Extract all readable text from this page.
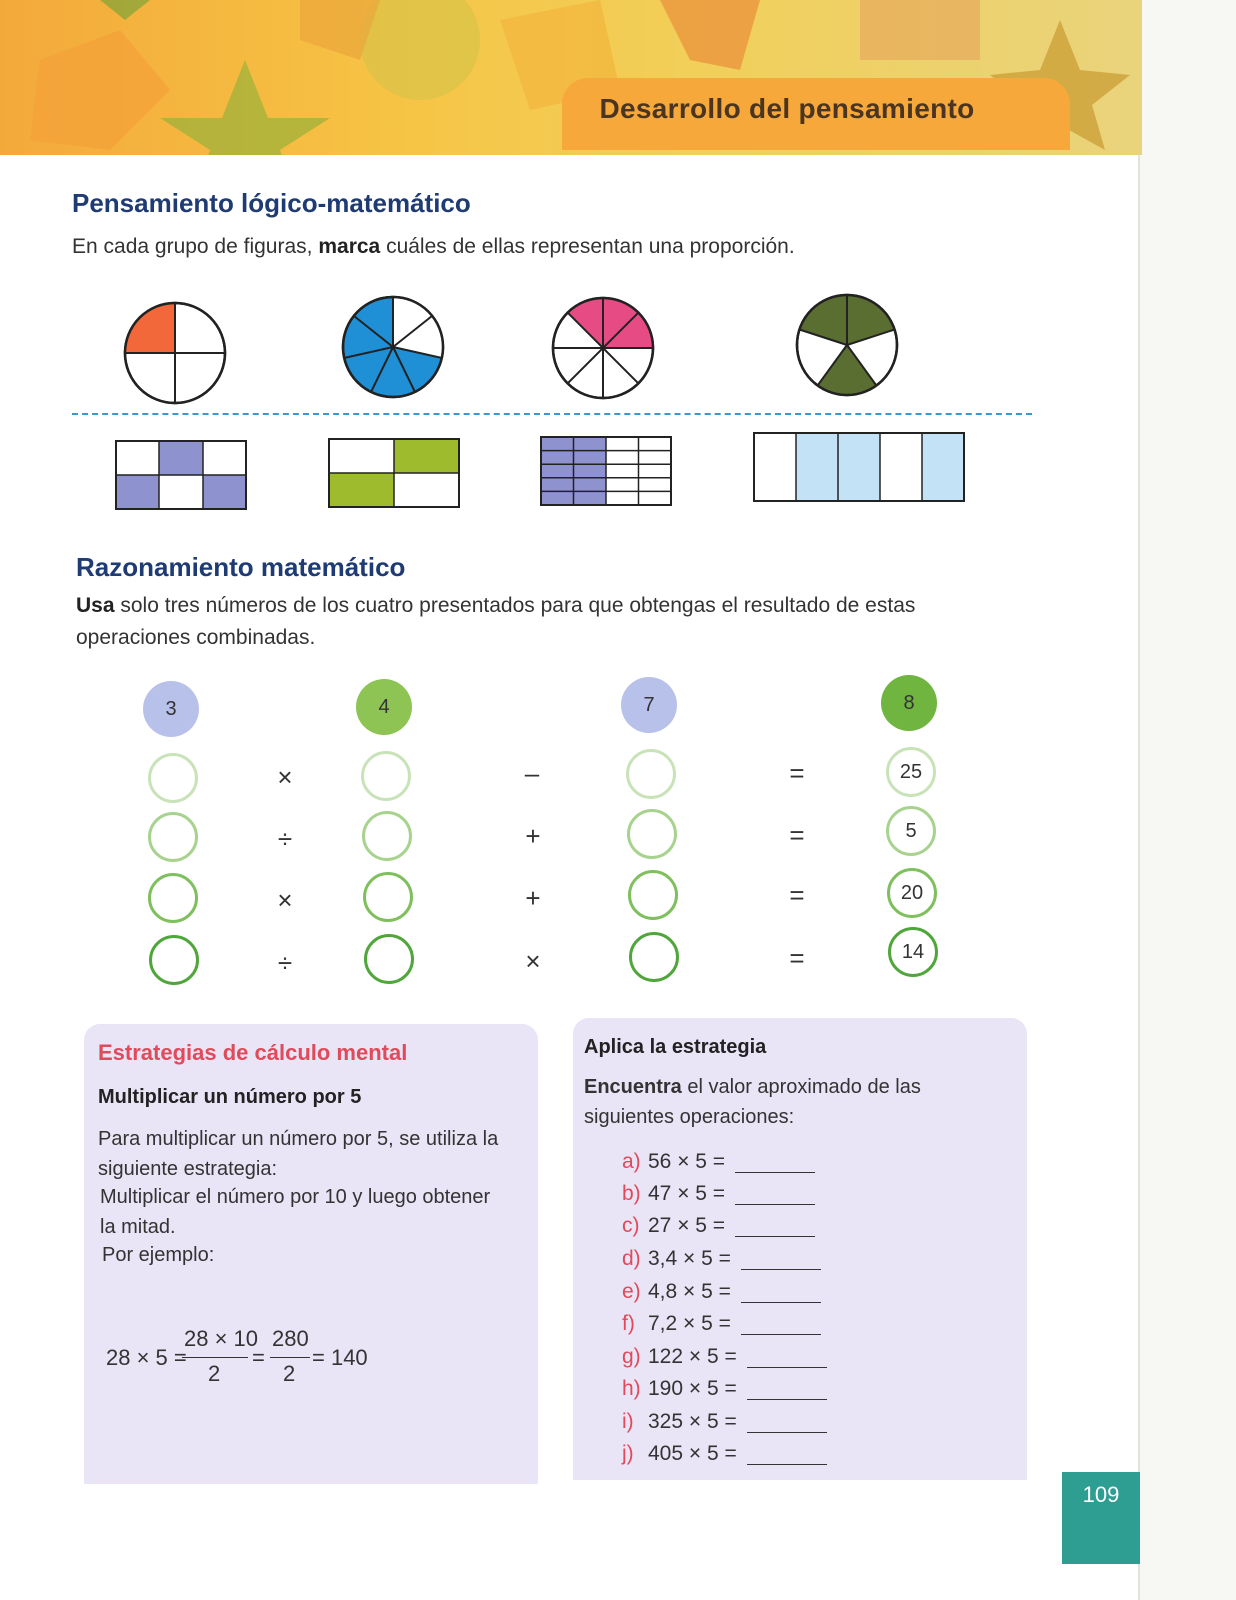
Desarrollo del pensamiento
Pensamiento lógico-matemático

En cada grupo de figuras, marca cuáles de ellas representan una proporción.

Razonamiento matemático

Usa solo tres números de los cuatro presentados para que obtengas el resultado de estas operaciones combinadas.

3	4	7	8
×	–	=	25
÷	+	=	5
×	+	=	20
÷	×	=	14
Estrategias de cálculo mental
Multiplicar un número por 5

Para multiplicar un número por 5, se utiliza la

siguiente estrategia:

Multiplicar el número por 10 y luego obtener

la mitad.

Por ejemplo:

28 × 5 =
28 × 10
2
=
280
2
= 140
Aplica la estrategia

Encuentra el valor aproximado de las

siguientes operaciones:

a) 56 × 5 =
b) 47 × 5 =
c) 27 × 5 =
d) 3,4 × 5 =
e) 4,8 × 5 =
f) 7,2 × 5 =
g) 122 × 5 =
h) 190 × 5 =
i) 325 × 5 =
j) 405 × 5 =
109
